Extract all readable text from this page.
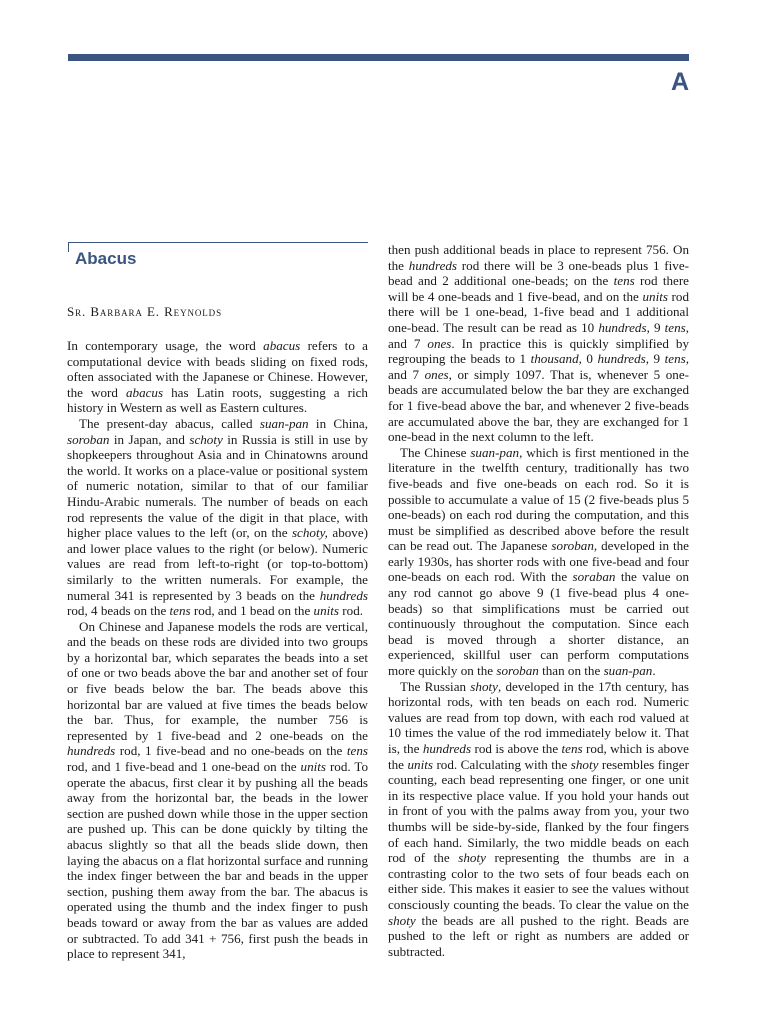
A
Abacus
Sr. Barbara E. Reynolds

In contemporary usage, the word abacus refers to a computational device with beads sliding on fixed rods, often associated with the Japanese or Chinese. However, the word abacus has Latin roots, suggesting a rich history in Western as well as Eastern cultures.

The present-day abacus, called suan-pan in China, soroban in Japan, and schoty in Russia is still in use by shopkeepers throughout Asia and in Chinatowns around the world. It works on a place-value or positional system of numeric notation, similar to that of our familiar Hindu-Arabic numerals. The number of beads on each rod represents the value of the digit in that place, with higher place values to the left (or, on the schoty, above) and lower place values to the right (or below). Numeric values are read from left-to-right (or top-to-bottom) similarly to the written numerals. For example, the numeral 341 is represented by 3 beads on the hundreds rod, 4 beads on the tens rod, and 1 bead on the units rod.

On Chinese and Japanese models the rods are vertical, and the beads on these rods are divided into two groups by a horizontal bar, which separates the beads into a set of one or two beads above the bar and another set of four or five beads below the bar. The beads above this horizontal bar are valued at five times the beads below the bar. Thus, for example, the number 756 is represented by 1 five-bead and 2 one-beads on the hundreds rod, 1 five-bead and no one-beads on the tens rod, and 1 five-bead and 1 one-bead on the units rod. To operate the abacus, first clear it by pushing all the beads away from the horizontal bar, the beads in the lower section are pushed down while those in the upper section are pushed up. This can be done quickly by tilting the abacus slightly so that all the beads slide down, then laying the abacus on a flat horizontal surface and running the index finger between the bar and beads in the upper section, pushing them away from the bar. The abacus is operated using the thumb and the index finger to push beads toward or away from the bar as values are added or subtracted. To add 341 + 756, first push the beads in place to represent 341,

then push additional beads in place to represent 756. On the hundreds rod there will be 3 one-beads plus 1 five-bead and 2 additional one-beads; on the tens rod there will be 4 one-beads and 1 five-bead, and on the units rod there will be 1 one-bead, 1-five bead and 1 additional one-bead. The result can be read as 10 hundreds, 9 tens, and 7 ones. In practice this is quickly simplified by regrouping the beads to 1 thousand, 0 hundreds, 9 tens, and 7 ones, or simply 1097. That is, whenever 5 one-beads are accumulated below the bar they are exchanged for 1 five-bead above the bar, and whenever 2 five-beads are accumulated above the bar, they are exchanged for 1 one-bead in the next column to the left.

The Chinese suan-pan, which is first mentioned in the literature in the twelfth century, traditionally has two five-beads and five one-beads on each rod. So it is possible to accumulate a value of 15 (2 five-beads plus 5 one-beads) on each rod during the computation, and this must be simplified as described above before the result can be read out. The Japanese soroban, developed in the early 1930s, has shorter rods with one five-bead and four one-beads on each rod. With the soraban the value on any rod cannot go above 9 (1 five-bead plus 4 one-beads) so that simplifications must be carried out continuously throughout the computation. Since each bead is moved through a shorter distance, an experienced, skillful user can perform computations more quickly on the soroban than on the suan-pan.

The Russian shoty, developed in the 17th century, has horizontal rods, with ten beads on each rod. Numeric values are read from top down, with each rod valued at 10 times the value of the rod immediately below it. That is, the hundreds rod is above the tens rod, which is above the units rod. Calculating with the shoty resembles finger counting, each bead representing one finger, or one unit in its respective place value. If you hold your hands out in front of you with the palms away from you, your two thumbs will be side-by-side, flanked by the four fingers of each hand. Similarly, the two middle beads on each rod of the shoty representing the thumbs are in a contrasting color to the two sets of four beads each on either side. This makes it easier to see the values without consciously counting the beads. To clear the value on the shoty the beads are all pushed to the right. Beads are pushed to the left or right as numbers are added or subtracted.
